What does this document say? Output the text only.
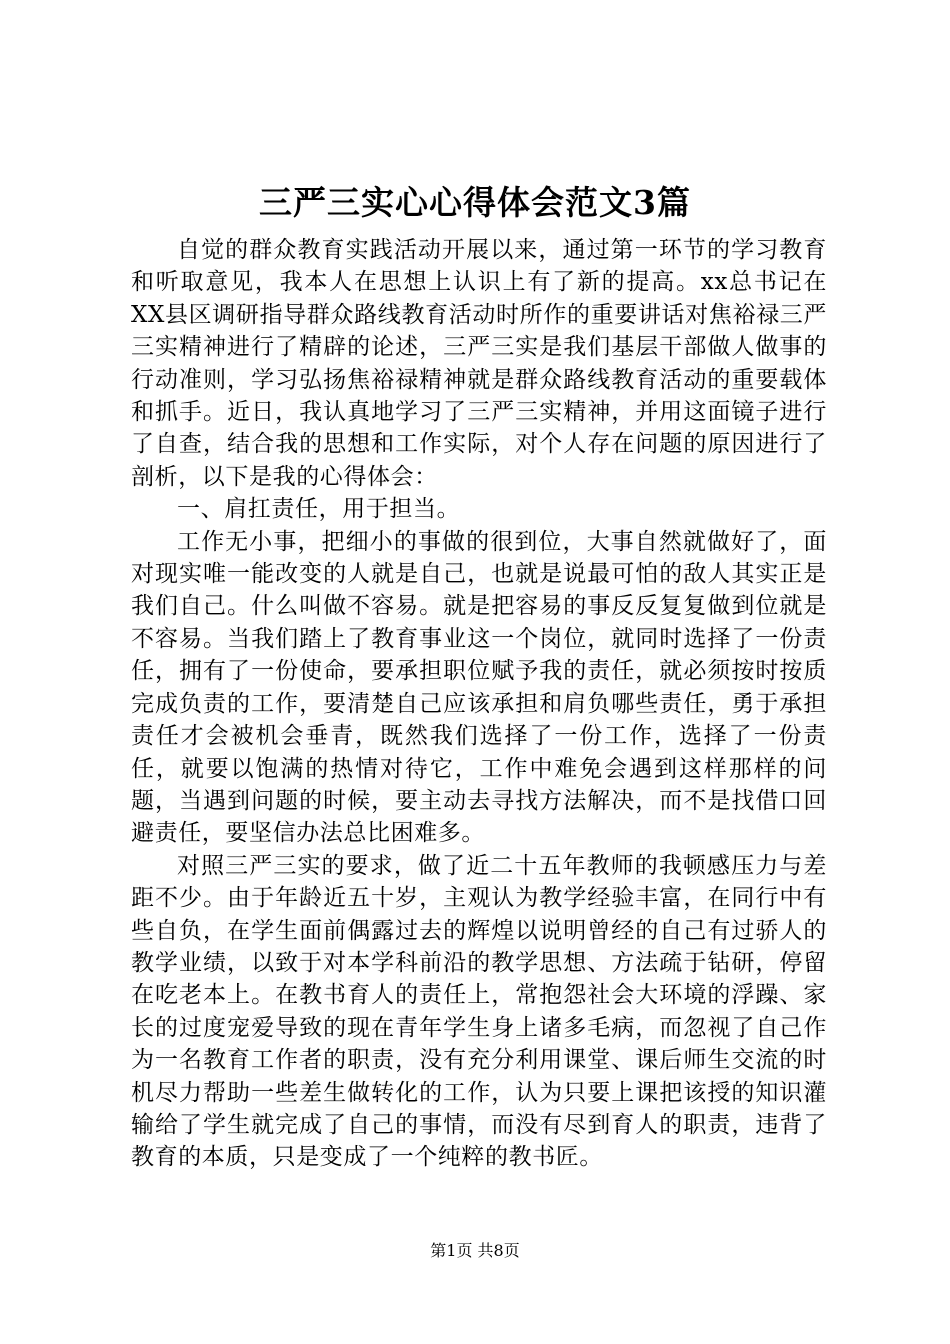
三严三实心心得体会范文3篇

自觉的群众教育实践活动开展以来，通过第一环节的学习教育和听取意见，我本人在思想上认识上有了新的提高。xx总书记在XX县区调研指导群众路线教育活动时所作的重要讲话对焦裕禄三严三实精神进行了精辟的论述，三严三实是我们基层干部做人做事的行动准则，学习弘扬焦裕禄精神就是群众路线教育活动的重要载体和抓手。近日，我认真地学习了三严三实精神，并用这面镜子进行了自查，结合我的思想和工作实际，对个人存在问题的原因进行了剖析，以下是我的心得体会：

一、肩扛责任，用于担当。

工作无小事，把细小的事做的很到位，大事自然就做好了，面对现实唯一能改变的人就是自己，也就是说最可怕的敌人其实正是我们自己。什么叫做不容易。就是把容易的事反反复复做到位就是不容易。当我们踏上了教育事业这一个岗位，就同时选择了一份责任，拥有了一份使命，要承担职位赋予我的责任，就必须按时按质完成负责的工作，要清楚自己应该承担和肩负哪些责任，勇于承担责任才会被机会垂青，既然我们选择了一份工作，选择了一份责任，就要以饱满的热情对待它，工作中难免会遇到这样那样的问题，当遇到问题的时候，要主动去寻找方法解决，而不是找借口回避责任，要坚信办法总比困难多。

对照三严三实的要求，做了近二十五年教师的我顿感压力与差距不少。由于年龄近五十岁，主观认为教学经验丰富，在同行中有些自负，在学生面前偶露过去的辉煌以说明曾经的自己有过骄人的教学业绩，以致于对本学科前沿的教学思想、方法疏于钻研，停留在吃老本上。在教书育人的责任上，常抱怨社会大环境的浮躁、家长的过度宠爱导致的现在青年学生身上诸多毛病，而忽视了自己作为一名教育工作者的职责，没有充分利用课堂、课后师生交流的时机尽力帮助一些差生做转化的工作，认为只要上课把该授的知识灌输给了学生就完成了自己的事情，而没有尽到育人的职责，违背了教育的本质，只是变成了一个纯粹的教书匠。

第1页 共8页
